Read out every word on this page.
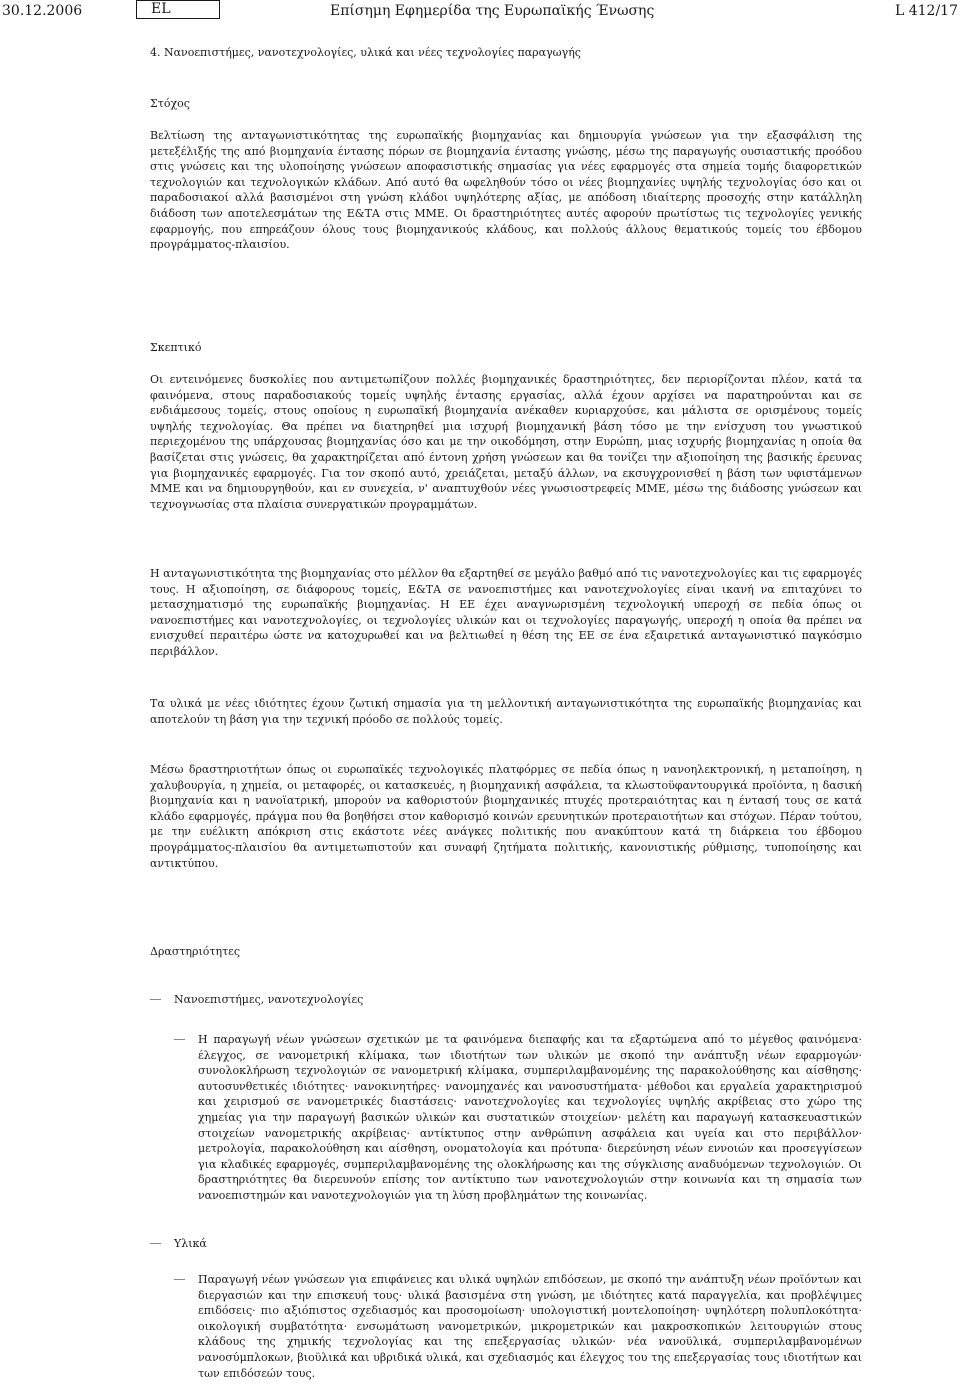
30.12.2006	EL	Επίσημη Εφημερίδα της Ευρωπαϊκής Ένωσης	L 412/17
4. Νανοεπιστήμες, νανοτεχνολογίες, υλικά και νέες τεχνολογίες παραγωγής
Στόχος

Βελτίωση της ανταγωνιστικότητας της ευρωπαϊκής βιομηχανίας και δημιουργία γνώσεων για την εξασφάλιση της μετεξέλιξής της από βιομηχανία έντασης πόρων σε βιομηχανία έντασης γνώσης, μέσω της παραγωγής ουσιαστικής προόδου στις γνώσεις και της υλοποίησης γνώσεων αποφασιστικής σημασίας για νέες εφαρμογές στα σημεία τομής διαφορετικών τεχνολογιών και τεχνολογικών κλάδων. Από αυτό θα ωφεληθούν τόσο οι νέες βιομηχανίες υψηλής τεχνολογίας όσο και οι παραδοσιακοί αλλά βασισμένοι στη γνώση κλάδοι υψηλότερης αξίας, με απόδοση ιδιαίτερης προσοχής στην κατάλληλη διάδοση των αποτελεσμάτων της Ε&ΤΑ στις ΜΜΕ. Οι δραστηριότητες αυτές αφορούν πρωτίστως τις τεχνολογίες γενικής εφαρμογής, που επηρεάζουν όλους τους βιομηχανικούς κλάδους, και πολλούς άλλους θεματικούς τομείς του έβδομου προγράμματος-πλαισίου.

Σκεπτικό

Οι εντεινόμενες δυσκολίες που αντιμετωπίζουν πολλές βιομηχανικές δραστηριότητες, δεν περιορίζονται πλέον, κατά τα φαινόμενα, στους παραδοσιακούς τομείς υψηλής έντασης εργασίας, αλλά έχουν αρχίσει να παρατηρούνται και σε ενδιάμεσους τομείς, στους οποίους η ευρωπαϊκή βιομηχανία ανέκαθεν κυριαρχούσε, και μάλιστα σε ορισμένους τομείς υψηλής τεχνολογίας. Θα πρέπει να διατηρηθεί μια ισχυρή βιομηχανική βάση τόσο με την ενίσχυση του γνωστικού περιεχομένου της υπάρχουσας βιομηχανίας όσο και με την οικοδόμηση, στην Ευρώπη, μιας ισχυρής βιομηχανίας η οποία θα βασίζεται στις γνώσεις, θα χαρακτηρίζεται από έντονη χρήση γνώσεων και θα τονίζει την αξιοποίηση της βασικής έρευνας για βιομηχανικές εφαρμογές. Για τον σκοπό αυτό, χρειάζεται, μεταξύ άλλων, να εκσυγχρονισθεί η βάση των υφιστάμενων ΜΜΕ και να δημιουργηθούν, και εν συνεχεία, ν' αναπτυχθούν νέες γνωσιοστρεφείς ΜΜΕ, μέσω της διάδοσης γνώσεων και τεχνογνωσίας στα πλαίσια συνεργατικών προγραμμάτων.

Η ανταγωνιστικότητα της βιομηχανίας στο μέλλον θα εξαρτηθεί σε μεγάλο βαθμό από τις νανοτεχνολογίες και τις εφαρμογές τους. Η αξιοποίηση, σε διάφορους τομείς, Ε&ΤΑ σε νανοεπιστήμες και νανοτεχνολογίες είναι ικανή να επιταχύνει το μετασχηματισμό της ευρωπαϊκής βιομηχανίας. Η ΕΕ έχει αναγνωρισμένη τεχνολογική υπεροχή σε πεδία όπως οι νανοεπιστήμες και νανοτεχνολογίες, οι τεχνολογίες υλικών και οι τεχνολογίες παραγωγής, υπεροχή η οποία θα πρέπει να ενισχυθεί περαιτέρω ώστε να κατοχυρωθεί και να βελτιωθεί η θέση της ΕΕ σε ένα εξαιρετικά ανταγωνιστικό παγκόσμιο περιβάλλον.

Τα υλικά με νέες ιδιότητες έχουν ζωτική σημασία για τη μελλοντική ανταγωνιστικότητα της ευρωπαϊκής βιομηχανίας και αποτελούν τη βάση για την τεχνική πρόοδο σε πολλούς τομείς.

Μέσω δραστηριοτήτων όπως οι ευρωπαϊκές τεχνολογικές πλατφόρμες σε πεδία όπως η νανοηλεκτρονική, η μεταποίηση, η χαλυβουργία, η χημεία, οι μεταφορές, οι κατασκευές, η βιομηχανική ασφάλεια, τα κλωστοϋφαντουργικά προϊόντα, η δασική βιομηχανία και η νανοϊατρική, μπορούν να καθοριστούν βιομηχανικές πτυχές προτεραιότητας και η έντασή τους σε κατά κλάδο εφαρμογές, πράγμα που θα βοηθήσει στον καθορισμό κοινών ερευνητικών προτεραιοτήτων και στόχων. Πέραν τούτου, με την ευέλικτη απόκριση στις εκάστοτε νέες ανάγκες πολιτικής που ανακύπτουν κατά τη διάρκεια του έβδομου προγράμματος-πλαισίου θα αντιμετωπιστούν και συναφή ζητήματα πολιτικής, κανονιστικής ρύθμισης, τυποποίησης και αντικτύπου.

Δραστηριότητες
— Νανοεπιστήμες, νανοτεχνολογίες
— Η παραγωγή νέων γνώσεων σχετικών με τα φαινόμενα διεπαφής και τα εξαρτώμενα από το μέγεθος φαινόμενα· έλεγχος, σε νανομετρική κλίμακα, των ιδιοτήτων των υλικών με σκοπό την ανάπτυξη νέων εφαρμογών· συνολοκλήρωση τεχνολογιών σε νανομετρική κλίμακα, συμπεριλαμβανομένης της παρακολούθησης και αίσθησης· αυτοσυνθετικές ιδιότητες· νανοκινητήρες· νανομηχανές και νανοσυστήματα· μέθοδοι και εργαλεία χαρακτηρισμού και χειρισμού σε νανομετρικές διαστάσεις· νανοτεχνολογίες και τεχνολογίες υψηλής ακρίβειας στο χώρο της χημείας για την παραγωγή βασικών υλικών και συστατικών στοιχείων· μελέτη και παραγωγή κατασκευαστικών στοιχείων νανομετρικής ακρίβειας· αντίκτυπος στην ανθρώπινη ασφάλεια και υγεία και στο περιβάλλον· μετρολογία, παρακολούθηση και αίσθηση, ονοματολογία και πρότυπα· διερεύνηση νέων εννοιών και προσεγγίσεων για κλαδικές εφαρμογές, συμπεριλαμβανομένης της ολοκλήρωσης και της σύγκλισης αναδυόμενων τεχνολογιών. Οι δραστηριότητες θα διερευνούν επίσης τον αντίκτυπο των νανοτεχνολογιών στην κοινωνία και τη σημασία των νανοεπιστημών και νανοτεχνολογιών για τη λύση προβλημάτων της κοινωνίας.
— Υλικά
— Παραγωγή νέων γνώσεων για επιφάνειες και υλικά υψηλών επιδόσεων, με σκοπό την ανάπτυξη νέων προϊόντων και διεργασιών και την επισκευή τους· υλικά βασισμένα στη γνώση, με ιδιότητες κατά παραγγελία, και προβλέψιμες επιδόσεις· πιο αξιόπιστος σχεδιασμός και προσομοίωση· υπολογιστική μοντελοποίηση· υψηλότερη πολυπλοκότητα· οικολογική συμβατότητα· ενσωμάτωση νανομετρικών, μικρομετρικών και μακροσκοπικών λειτουργιών στους κλάδους της χημικής τεχνολογίας και της επεξεργασίας υλικών· νέα νανοϋλικά, συμπεριλαμβανομένων νανοσύμπλοκων, βιοϋλικά και υβριδικά υλικά, και σχεδιασμός και έλεγχος του της επεξεργασίας τους ιδιοτήτων και των επιδόσεών τους.
